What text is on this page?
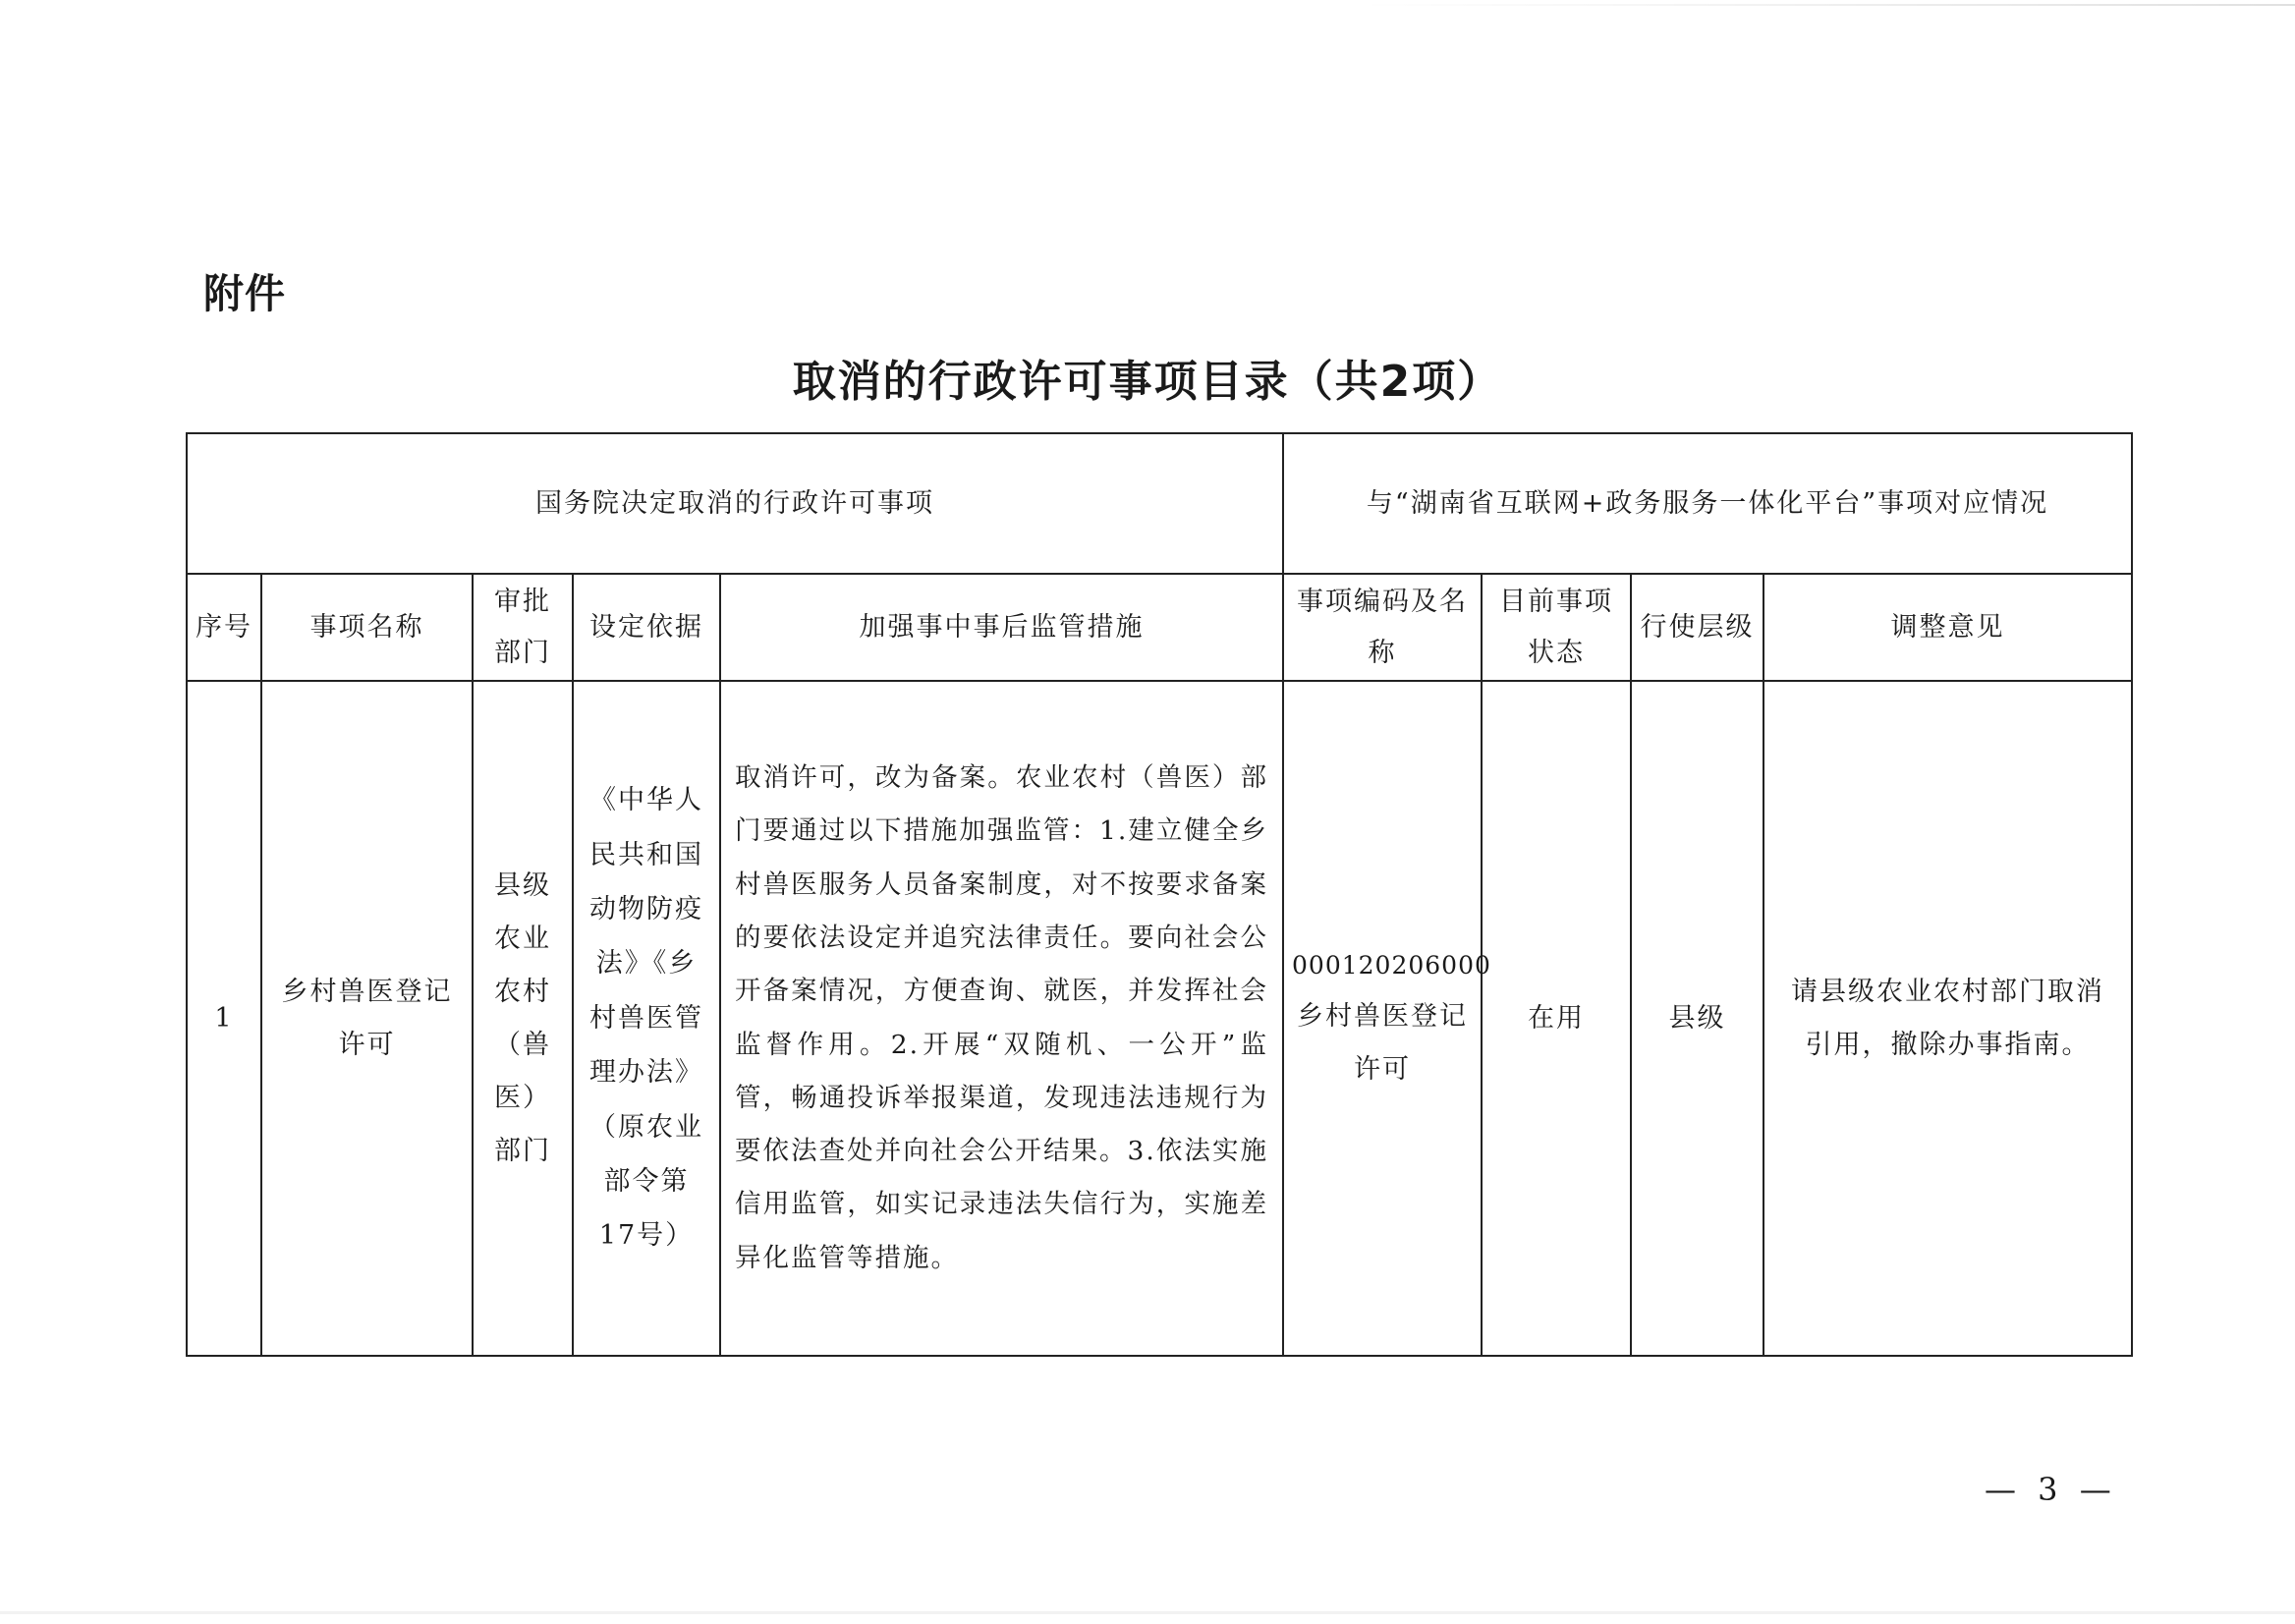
附件
取消的行政许可事项目录（共2项）
国务院决定取消的行政许可事项					与“湖南省互联网+政务服务一体化平台”事项对应情况			
序号	事项名称	审批部门	设定依据	加强事中事后监管措施	事项编码及名称	目前事项状态	行使层级	调整意见
1	乡村兽医登记许可	县级农业农村（兽医）部门	《中华人民共和国动物防疫法》《乡村兽医管理办法》（原农业部令第17号）	取消许可，改为备案。农业农村（兽医）部门要通过以下措施加强监管：1.建立健全乡村兽医服务人员备案制度，对不按要求备案的要依法设定并追究法律责任。要向社会公开备案情况，方便查询、就医，并发挥社会监督作用。2.开展“双随机、一公开”监管，畅通投诉举报渠道，发现违法违规行为要依法查处并向社会公开结果。3.依法实施信用监管，如实记录违法失信行为，实施差异化监管等措施。	000120206000
乡村兽医登记许可	在用	县级	请县级农业农村部门取消引用，撤除办事指南。
— 3 —
